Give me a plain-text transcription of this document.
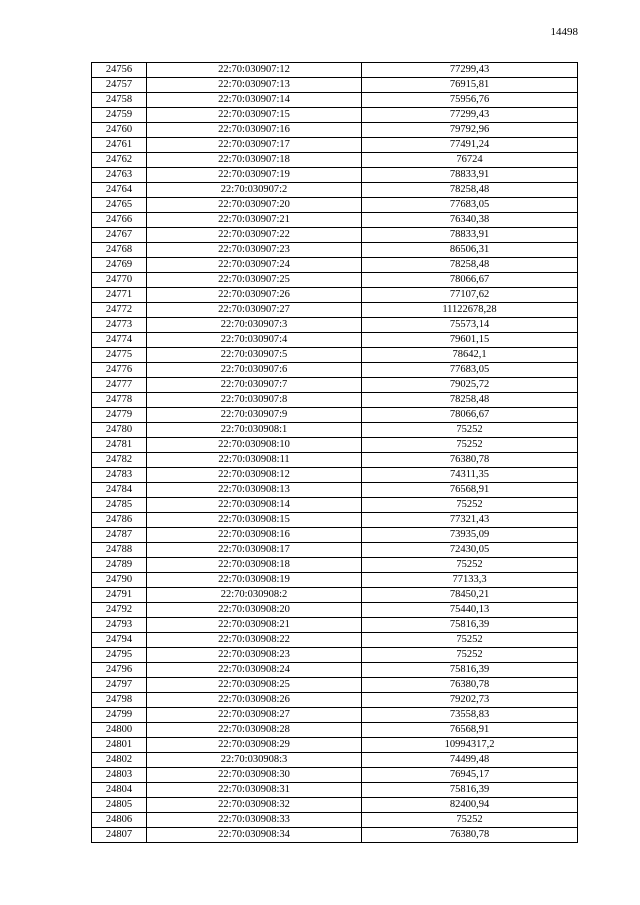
14498
24756	22:70:030907:12	77299,43
24757	22:70:030907:13	76915,81
24758	22:70:030907:14	75956,76
24759	22:70:030907:15	77299,43
24760	22:70:030907:16	79792,96
24761	22:70:030907:17	77491,24
24762	22:70:030907:18	76724
24763	22:70:030907:19	78833,91
24764	22:70:030907:2	78258,48
24765	22:70:030907:20	77683,05
24766	22:70:030907:21	76340,38
24767	22:70:030907:22	78833,91
24768	22:70:030907:23	86506,31
24769	22:70:030907:24	78258,48
24770	22:70:030907:25	78066,67
24771	22:70:030907:26	77107,62
24772	22:70:030907:27	11122678,28
24773	22:70:030907:3	75573,14
24774	22:70:030907:4	79601,15
24775	22:70:030907:5	78642,1
24776	22:70:030907:6	77683,05
24777	22:70:030907:7	79025,72
24778	22:70:030907:8	78258,48
24779	22:70:030907:9	78066,67
24780	22:70:030908:1	75252
24781	22:70:030908:10	75252
24782	22:70:030908:11	76380,78
24783	22:70:030908:12	74311,35
24784	22:70:030908:13	76568,91
24785	22:70:030908:14	75252
24786	22:70:030908:15	77321,43
24787	22:70:030908:16	73935,09
24788	22:70:030908:17	72430,05
24789	22:70:030908:18	75252
24790	22:70:030908:19	77133,3
24791	22:70:030908:2	78450,21
24792	22:70:030908:20	75440,13
24793	22:70:030908:21	75816,39
24794	22:70:030908:22	75252
24795	22:70:030908:23	75252
24796	22:70:030908:24	75816,39
24797	22:70:030908:25	76380,78
24798	22:70:030908:26	79202,73
24799	22:70:030908:27	73558,83
24800	22:70:030908:28	76568,91
24801	22:70:030908:29	10994317,2
24802	22:70:030908:3	74499,48
24803	22:70:030908:30	76945,17
24804	22:70:030908:31	75816,39
24805	22:70:030908:32	82400,94
24806	22:70:030908:33	75252
24807	22:70:030908:34	76380,78
